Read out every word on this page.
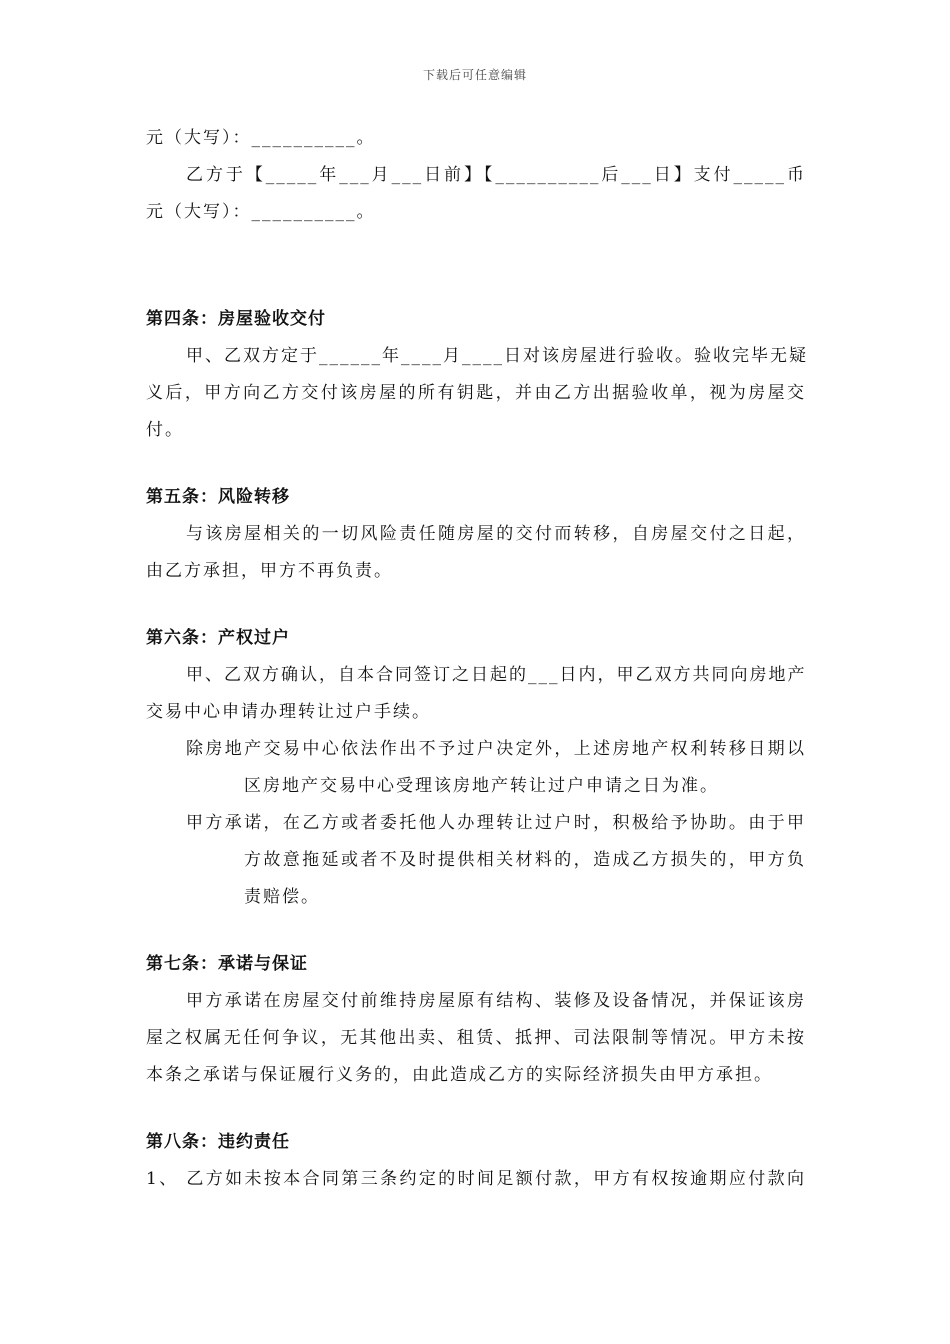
下载后可任意编辑
元（大写）：__________。
乙方于【_____年___月___日前】【__________后___日】支付_____币
元（大写）：__________。
第四条：房屋验收交付
甲、乙双方定于______年____月____日对该房屋进行验收。验收完毕无疑
义后，甲方向乙方交付该房屋的所有钥匙，并由乙方出据验收单，视为房屋交
付。
第五条：风险转移
与该房屋相关的一切风险责任随房屋的交付而转移，自房屋交付之日起，
由乙方承担，甲方不再负责。
第六条：产权过户
甲、乙双方确认，自本合同签订之日起的___日内，甲乙双方共同向房地产
交易中心申请办理转让过户手续。
除房地产交易中心依法作出不予过户决定外，上述房地产权利转移日期以
区房地产交易中心受理该房地产转让过户申请之日为准。
甲方承诺，在乙方或者委托他人办理转让过户时，积极给予协助。由于甲
方故意拖延或者不及时提供相关材料的，造成乙方损失的，甲方负
责赔偿。
第七条：承诺与保证
甲方承诺在房屋交付前维持房屋原有结构、装修及设备情况，并保证该房
屋之权属无任何争议，无其他出卖、租赁、抵押、司法限制等情况。甲方未按
本条之承诺与保证履行义务的，由此造成乙方的实际经济损失由甲方承担。
第八条：违约责任
1、 乙方如未按本合同第三条约定的时间足额付款，甲方有权按逾期应付款向
